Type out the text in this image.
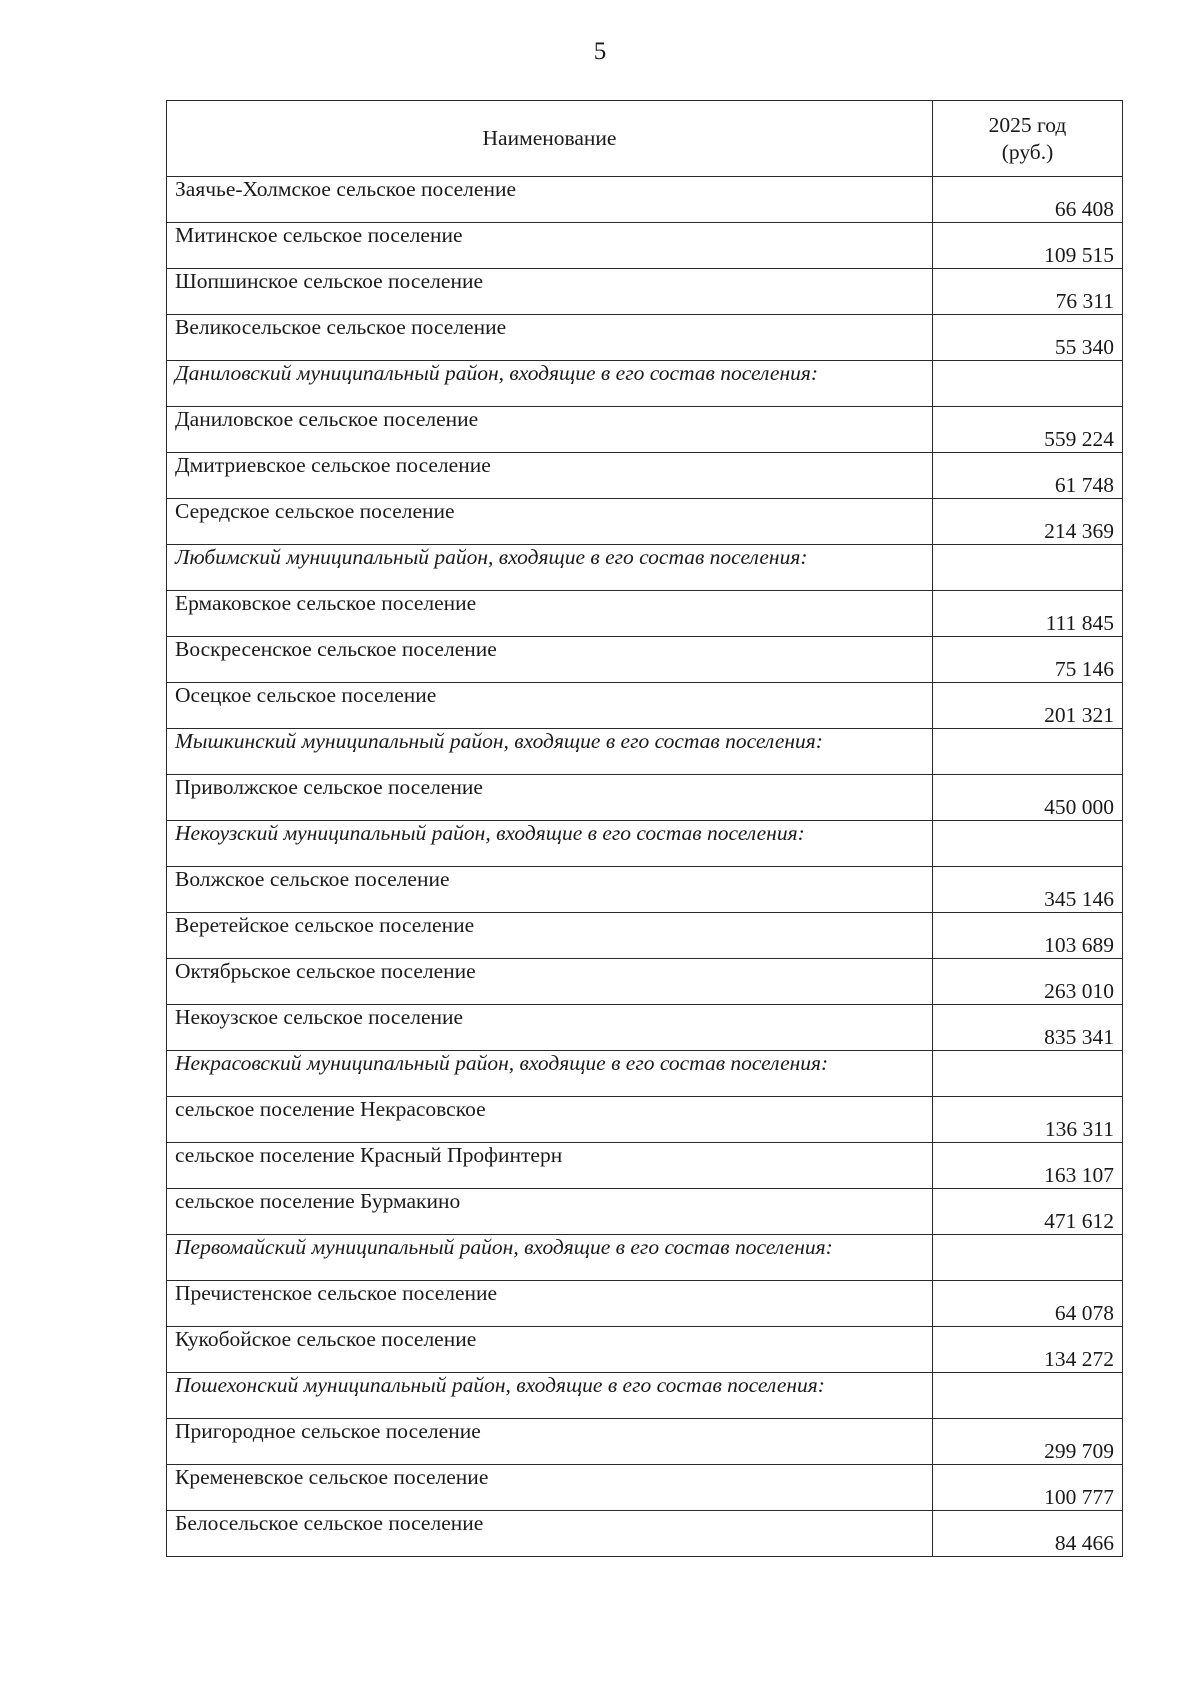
5
Наименование	2025 год
(руб.)

Заячье-Холмское сельское поселение	66 408
Митинское сельское поселение	109 515
Шопшинское сельское поселение	76 311
Великосельское сельское поселение	55 340
Даниловский муниципальный район, входящие в его состав поселения:	
Даниловское сельское поселение	559 224
Дмитриевское сельское поселение	61 748
Середское сельское поселение	214 369
Любимский муниципальный район, входящие в его состав поселения:	
Ермаковское сельское поселение	111 845
Воскресенское сельское поселение	75 146
Осецкое сельское поселение	201 321
Мышкинский муниципальный район, входящие в его состав поселения:	
Приволжское сельское поселение	450 000
Некоузский муниципальный район, входящие в его состав поселения:	
Волжское сельское поселение	345 146
Веретейское сельское поселение	103 689
Октябрьское сельское поселение	263 010
Некоузское сельское поселение	835 341
Некрасовский муниципальный район, входящие в его состав поселения:	
сельское поселение Некрасовское	136 311
сельское поселение Красный Профинтерн	163 107
сельское поселение Бурмакино	471 612
Первомайский муниципальный район, входящие в его состав поселения:	
Пречистенское сельское поселение	64 078
Кукобойское сельское поселение	134 272
Пошехонский муниципальный район, входящие в его состав поселения:	
Пригородное сельское поселение	299 709
Кременевское сельское поселение	100 777
Белосельское сельское поселение	84 466
